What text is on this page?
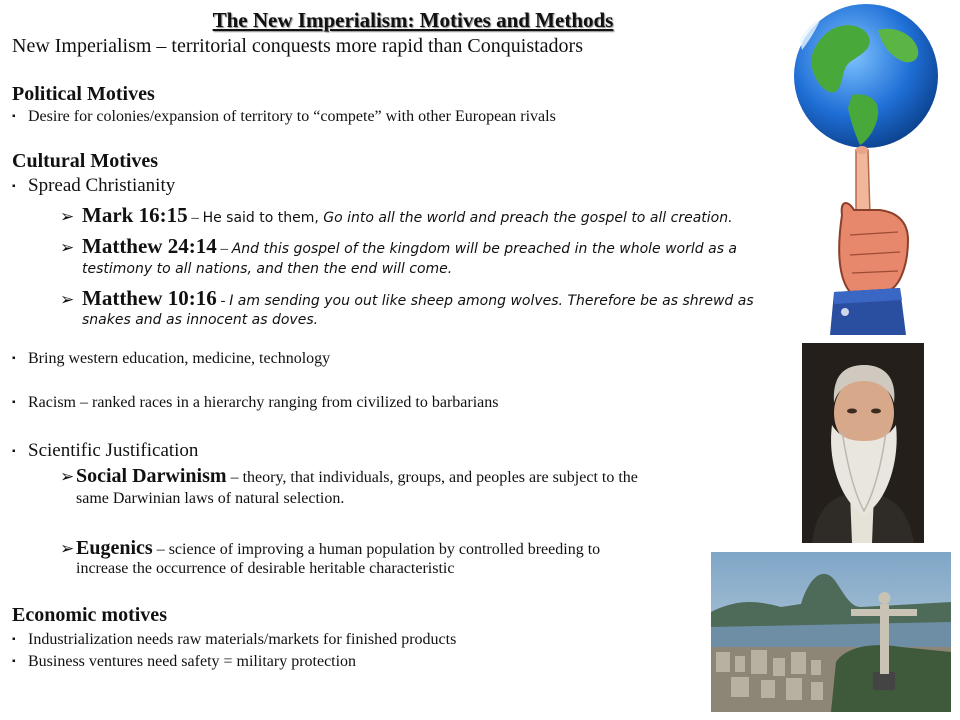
The New Imperialism: Motives and Methods
New Imperialism – territorial conquests more rapid than Conquistadors
Political Motives
▪ Desire for colonies/expansion of territory to “compete” with other European rivals
Cultural Motives
▪ Spread Christianity
➢ Mark 16:15 – He said to them, Go into all the world and preach the gospel to all creation.
➢ Matthew 24:14 – And this gospel of the kingdom will be preached in the whole world as a
testimony to all nations, and then the end will come.
➢ Matthew 10:16 - I am sending you out like sheep among wolves. Therefore be as shrewd as
snakes and as innocent as doves.
▪ Bring western education, medicine, technology
▪ Racism – ranked races in a hierarchy ranging from civilized to barbarians
▪ Scientific Justification
➢Social Darwinism – theory, that individuals, groups, and peoples are subject to the
same Darwinian laws of natural selection.
➢Eugenics – science of improving a human population by controlled breeding to
increase the occurrence of desirable heritable characteristic
Economic motives
▪ Industrialization needs raw materials/markets for finished products
▪ Business ventures need safety = military protection
